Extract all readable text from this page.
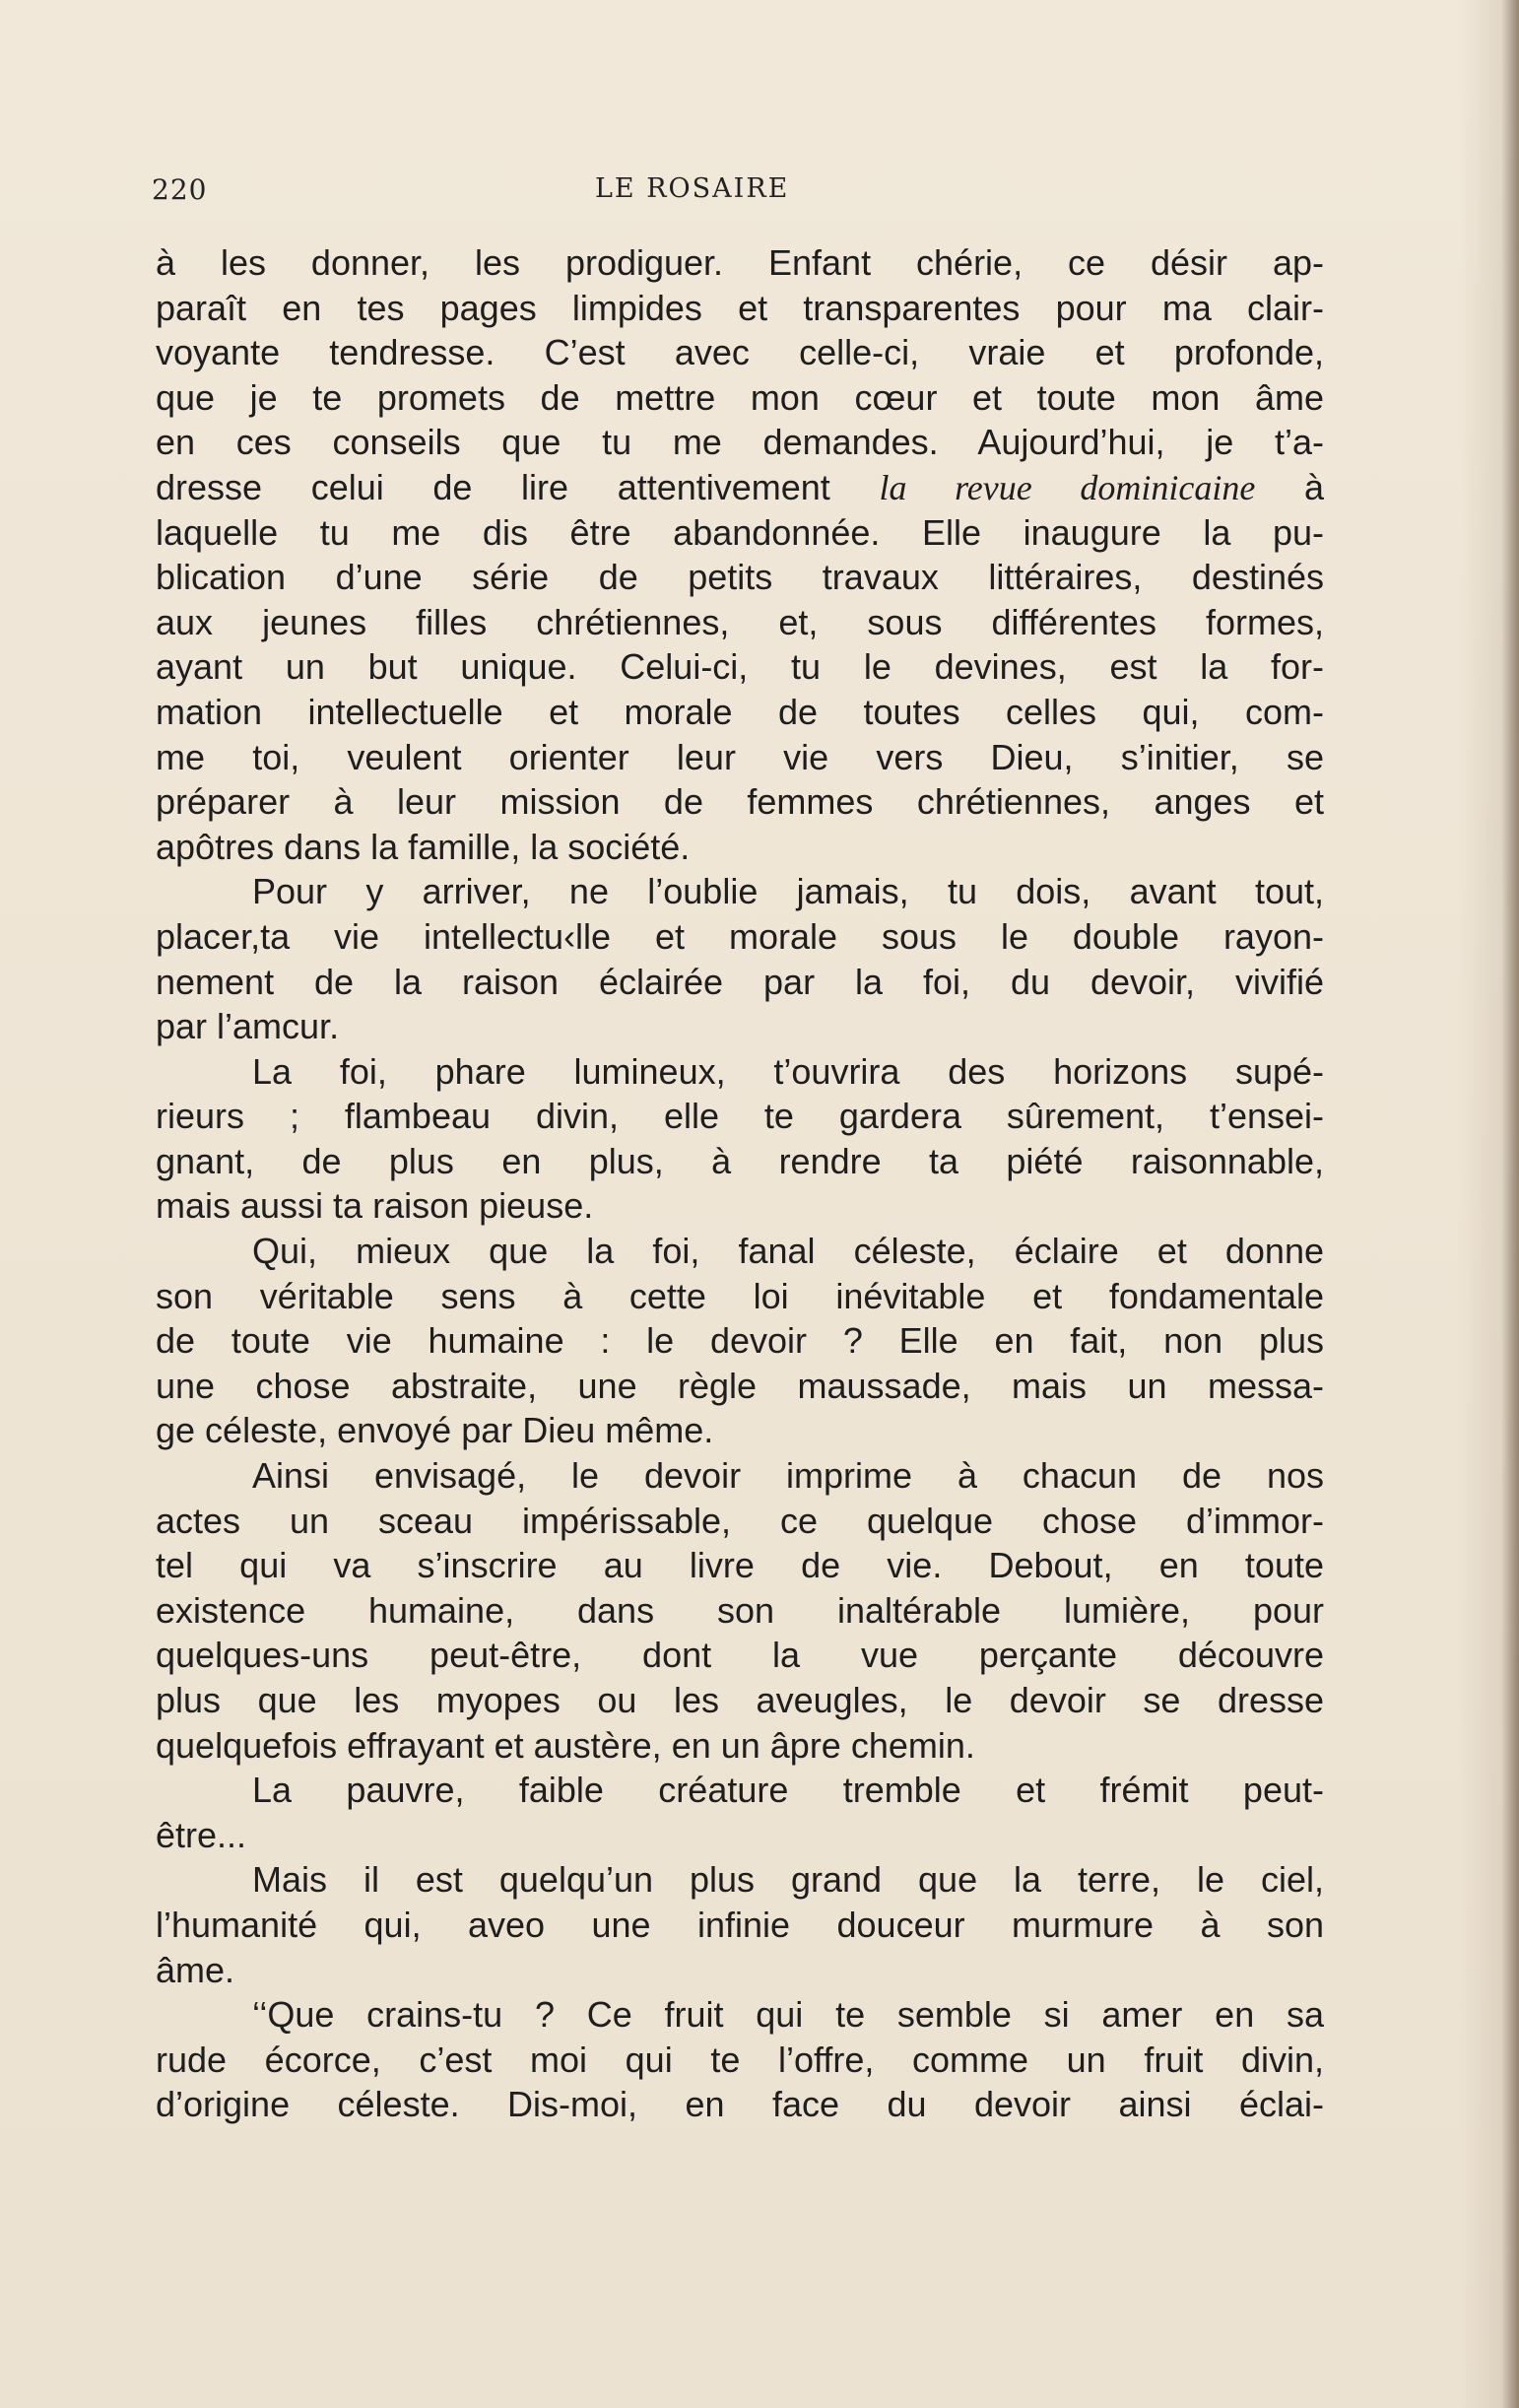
220	LE ROSAIRE
à les donner, les prodiguer. Enfant chérie, ce désir ap-
paraît en tes pages limpides et transparentes pour ma clair-
voyante tendresse. C’est avec celle-ci, vraie et profonde,
que je te promets de mettre mon cœur et toute mon âme
en ces conseils que tu me demandes. Aujourd’hui, je t’a-
dresse celui de lire attentivement la revue dominicaine à
laquelle tu me dis être abandonnée. Elle inaugure la pu-
blication d’une série de petits travaux littéraires, destinés
aux jeunes filles chrétiennes, et, sous différentes formes,
ayant un but unique. Celui-ci, tu le devines, est la for-
mation intellectuelle et morale de toutes celles qui, com-
me toi, veulent orienter leur vie vers Dieu, s’initier, se
préparer à leur mission de femmes chrétiennes, anges et
apôtres dans la famille, la société.
Pour y arriver, ne l’oublie jamais, tu dois, avant tout,
placer,ta vie intellectu‹lle et morale sous le double rayon-
nement de la raison éclairée par la foi, du devoir, vivifié
par l’amcur.
La foi, phare lumineux, t’ouvrira des horizons supé-
rieurs ; flambeau divin, elle te gardera sûrement, t’ensei-
gnant, de plus en plus, à rendre ta piété raisonnable,
mais aussi ta raison pieuse.
Qui, mieux que la foi, fanal céleste, éclaire et donne
son véritable sens à cette loi inévitable et fondamentale
de toute vie humaine : le devoir ? Elle en fait, non plus
une chose abstraite, une règle maussade, mais un messa-
ge céleste, envoyé par Dieu même.
Ainsi envisagé, le devoir imprime à chacun de nos
actes un sceau impérissable, ce quelque chose d’immor-
tel qui va s’inscrire au livre de vie. Debout, en toute
existence humaine, dans son inaltérable lumière, pour
quelques-uns peut-être, dont la vue perçante découvre
plus que les myopes ou les aveugles, le devoir se dresse
quelquefois effrayant et austère, en un âpre chemin.
La pauvre, faible créature tremble et frémit peut-
être...
Mais il est quelqu’un plus grand que la terre, le ciel,
l’humanité qui, aveo une infinie douceur murmure à son
âme.
‘‘Que crains-tu ? Ce fruit qui te semble si amer en sa
rude écorce, c’est moi qui te l’offre, comme un fruit divin,
d’origine céleste. Dis-moi, en face du devoir ainsi éclai-
